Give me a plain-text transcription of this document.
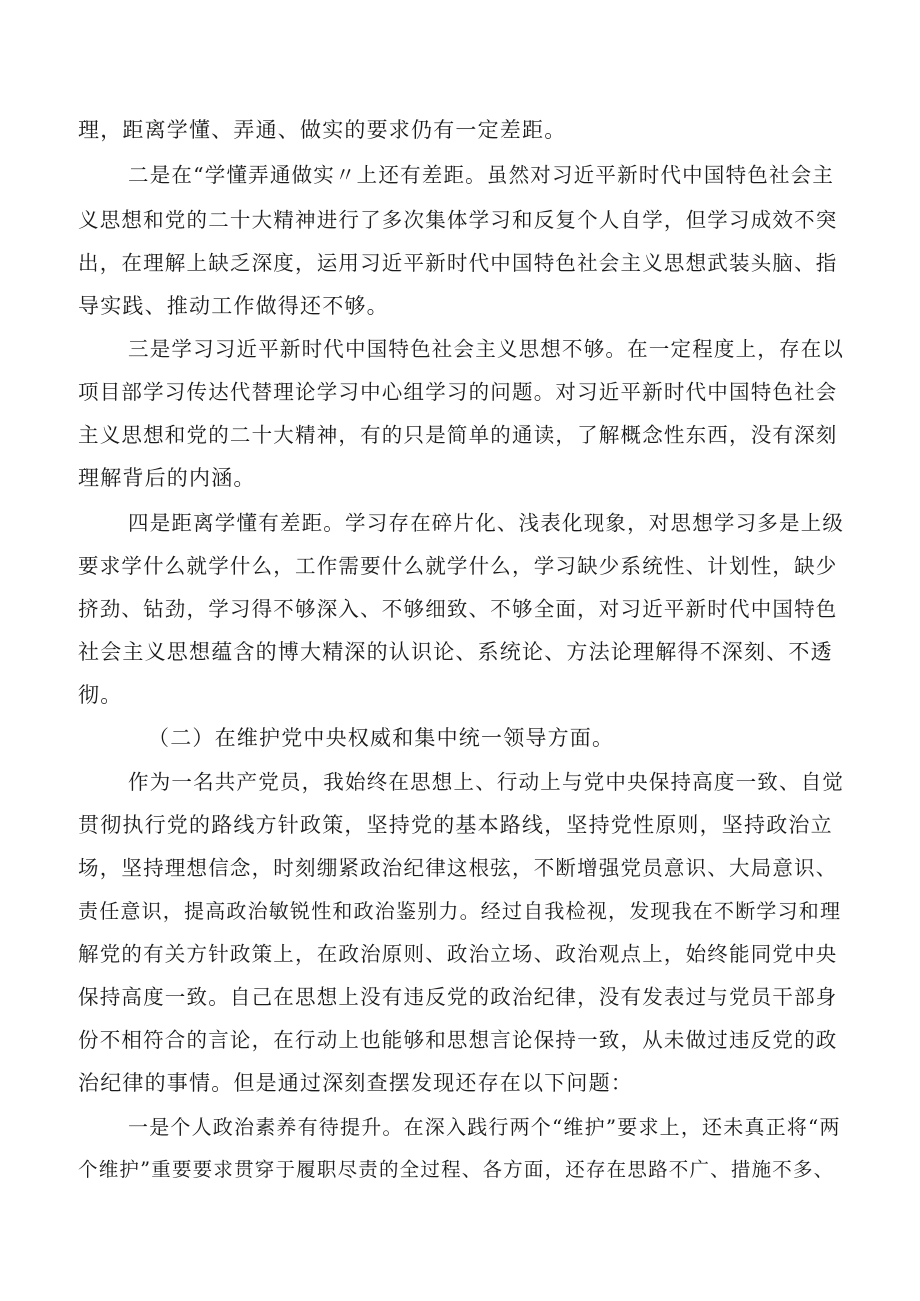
理，距离学懂、弄通、做实的要求仍有一定差距。
二是在“学懂弄通做实〃上还有差距。虽然对习近平新时代中国特色社会主
义思想和党的二十大精神进行了多次集体学习和反复个人自学，但学习成效不突
出，在理解上缺乏深度，运用习近平新时代中国特色社会主义思想武装头脑、指
导实践、推动工作做得还不够。
三是学习习近平新时代中国特色社会主义思想不够。在一定程度上，存在以
项目部学习传达代替理论学习中心组学习的问题。对习近平新时代中国特色社会
主义思想和党的二十大精神，有的只是简单的通读，了解概念性东西，没有深刻
理解背后的内涵。
四是距离学懂有差距。学习存在碎片化、浅表化现象，对思想学习多是上级
要求学什么就学什么，工作需要什么就学什么，学习缺少系统性、计划性，缺少
挤劲、钻劲，学习得不够深入、不够细致、不够全面，对习近平新时代中国特色
社会主义思想蕴含的博大精深的认识论、系统论、方法论理解得不深刻、不透
彻。
（二）在维护党中央权威和集中统一领导方面。
作为一名共产党员，我始终在思想上、行动上与党中央保持高度一致、自觉
贯彻执行党的路线方针政策，坚持党的基本路线，坚持党性原则，坚持政治立
场，坚持理想信念，时刻绷紧政治纪律这根弦，不断增强党员意识、大局意识、
责任意识，提高政治敏锐性和政治鉴别力。经过自我检视，发现我在不断学习和理
解党的有关方针政策上，在政治原则、政治立场、政治观点上，始终能同党中央
保持高度一致。自己在思想上没有违反党的政治纪律，没有发表过与党员干部身
份不相符合的言论，在行动上也能够和思想言论保持一致，从未做过违反党的政
治纪律的事情。但是通过深刻查摆发现还存在以下问题：
一是个人政治素养有待提升。在深入践行两个“维护”要求上，还未真正将“两
个维护”重要要求贯穿于履职尽责的全过程、各方面，还存在思路不广、措施不多、
